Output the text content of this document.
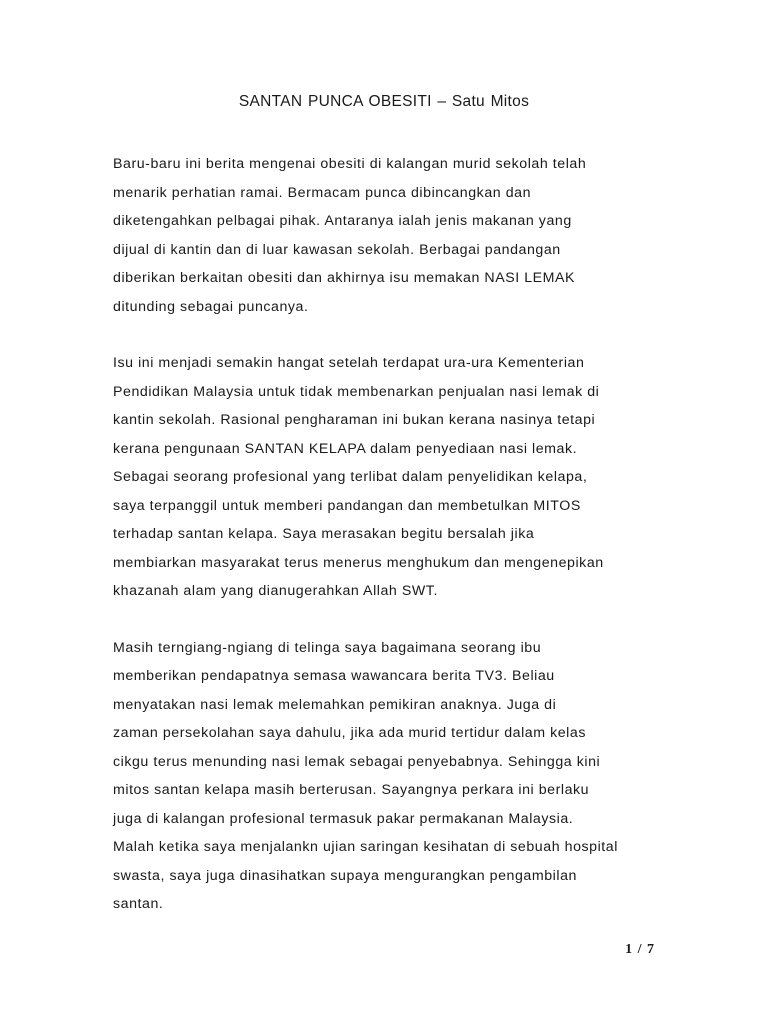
SANTAN PUNCA OBESITI – Satu Mitos

Baru-baru ini berita mengenai obesiti di kalangan murid sekolah telah
menarik perhatian ramai. Bermacam punca dibincangkan dan
diketengahkan pelbagai pihak. Antaranya ialah jenis makanan yang
dijual di kantin dan di luar kawasan sekolah. Berbagai pandangan
diberikan berkaitan obesiti dan akhirnya isu memakan NASI LEMAK
ditunding sebagai puncanya.

Isu ini menjadi semakin hangat setelah terdapat ura-ura Kementerian
Pendidikan Malaysia untuk tidak membenarkan penjualan nasi lemak di
kantin sekolah. Rasional pengharaman ini bukan kerana nasinya tetapi
kerana pengunaan SANTAN KELAPA dalam penyediaan nasi lemak.
Sebagai seorang profesional yang terlibat dalam penyelidikan kelapa,
saya terpanggil untuk memberi pandangan dan membetulkan MITOS
terhadap santan kelapa. Saya merasakan begitu bersalah jika
membiarkan masyarakat terus menerus menghukum dan mengenepikan
khazanah alam yang dianugerahkan Allah SWT.

Masih terngiang-ngiang di telinga saya bagaimana seorang ibu
memberikan pendapatnya semasa wawancara berita TV3. Beliau
menyatakan nasi lemak melemahkan pemikiran anaknya. Juga di
zaman persekolahan saya dahulu, jika ada murid tertidur dalam kelas
cikgu terus menunding nasi lemak sebagai penyebabnya. Sehingga kini
mitos santan kelapa masih berterusan. Sayangnya perkara ini berlaku
juga di kalangan profesional termasuk pakar permakanan Malaysia.
Malah ketika saya menjalankn ujian saringan kesihatan di sebuah hospital
swasta, saya juga dinasihatkan supaya mengurangkan pengambilan
santan.

1 / 7
